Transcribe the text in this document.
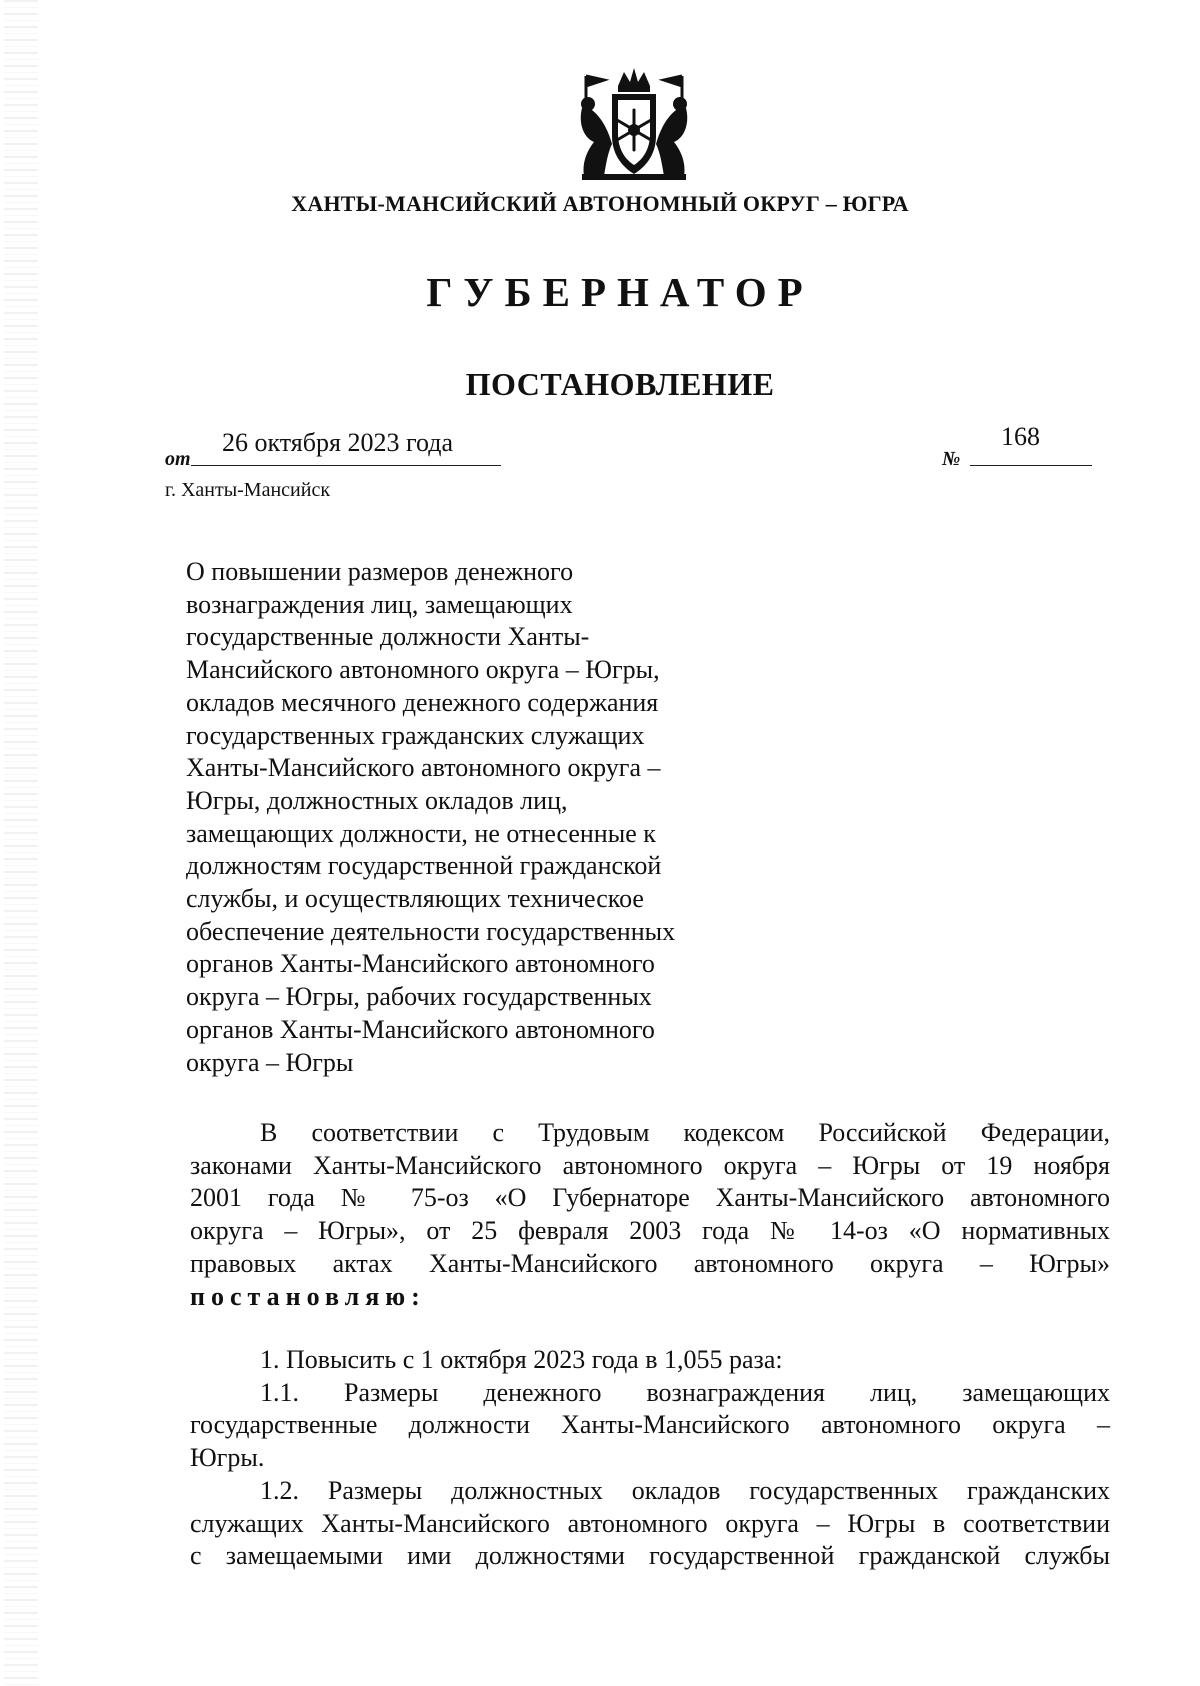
ХАНТЫ-МАНСИЙСКИЙ АВТОНОМНЫЙ ОКРУГ – ЮГРА
ГУБЕРНАТОР
ПОСТАНОВЛЕНИЕ
от
26 октября 2023 года
№
168
г. Ханты-Мансийск
О повышении размеров денежного
вознаграждения лиц, замещающих
государственные должности Ханты-
Мансийского автономного округа – Югры,
окладов месячного денежного содержания
государственных гражданских служащих
Ханты-Мансийского автономного округа –
Югры, должностных окладов лиц,
замещающих должности, не отнесенные к
должностям государственной гражданской
службы, и осуществляющих техническое
обеспечение деятельности государственных
органов Ханты-Мансийского автономного
округа – Югры, рабочих государственных
органов Ханты-Мансийского автономного
округа – Югры
В соответствии с Трудовым кодексом Российской Федерации,
законами Ханты-Мансийского автономного округа – Югры от 19 ноября
2001 года № 75-оз «О Губернаторе Ханты-Мансийского автономного
округа – Югры», от 25 февраля 2003 года № 14-оз «О нормативных
правовых актах Ханты-Мансийского автономного округа – Югры»
постановляю:
1. Повысить с 1 октября 2023 года в 1,055 раза:
1.1. Размеры денежного вознаграждения лиц, замещающих
государственные должности Ханты-Мансийского автономного округа –
Югры.
1.2. Размеры должностных окладов государственных гражданских
служащих Ханты-Мансийского автономного округа – Югры в соответствии
с замещаемыми ими должностями государственной гражданской службы
